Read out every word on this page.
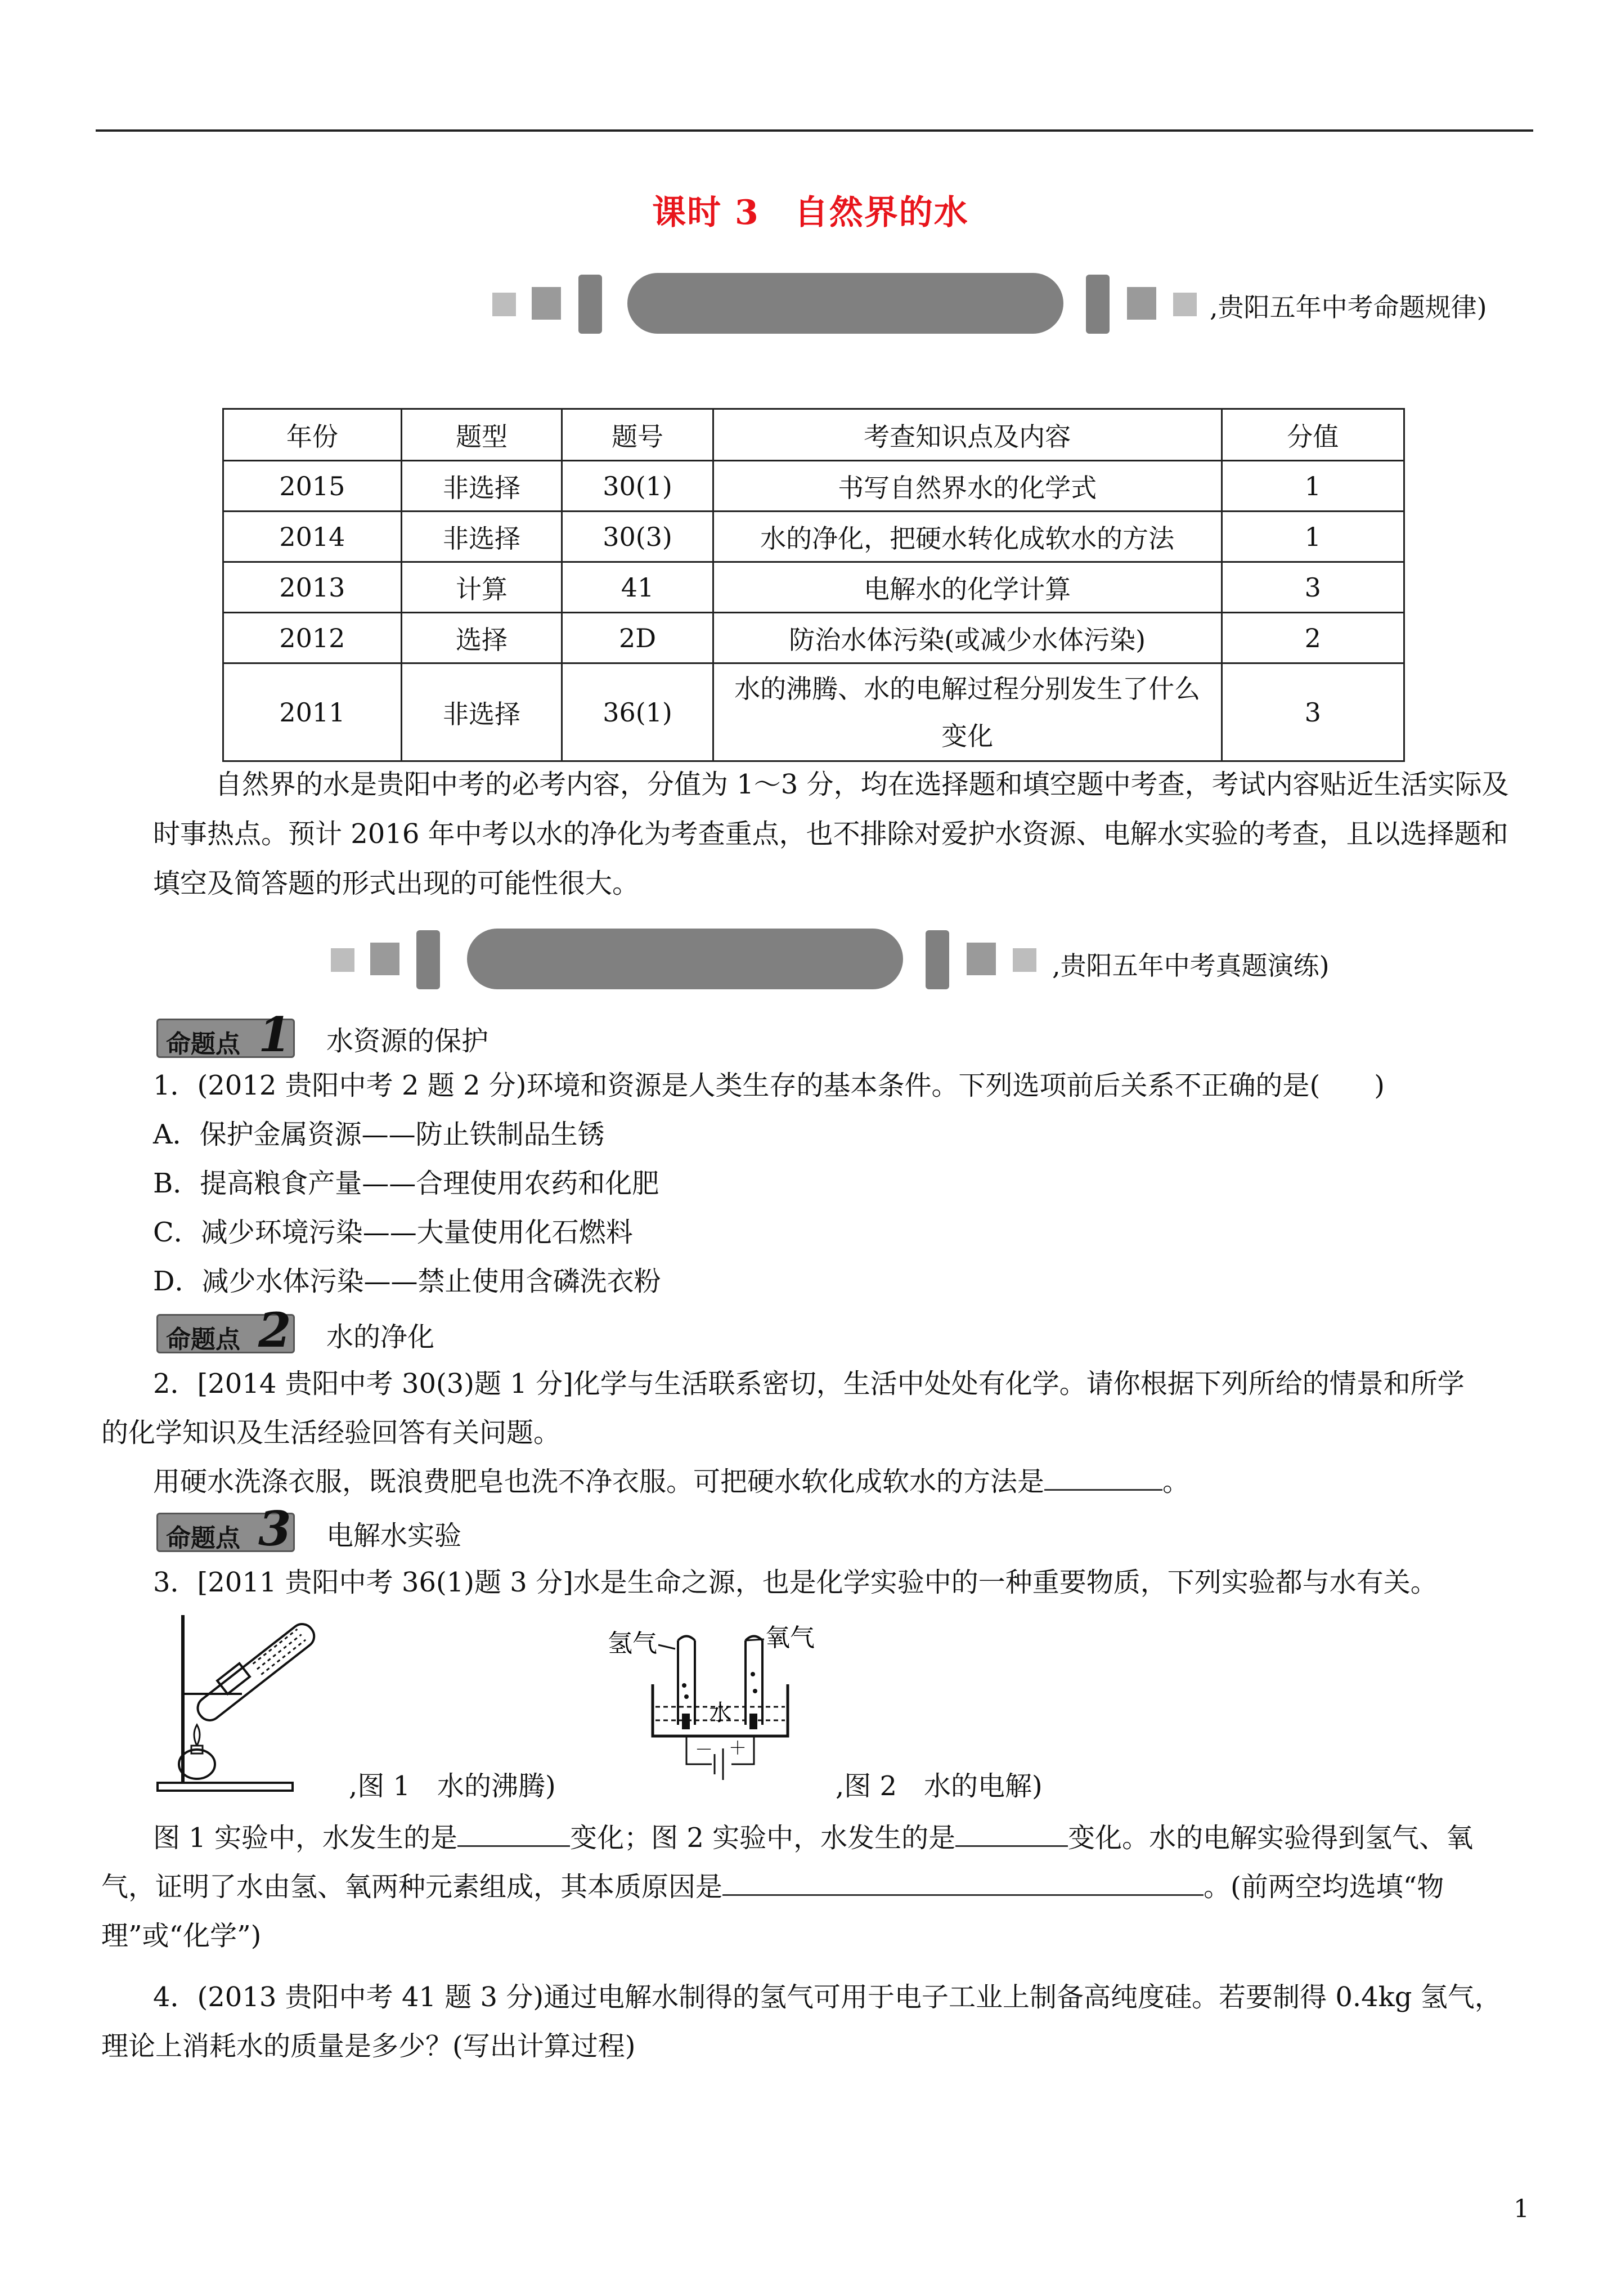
课时 3　自然界的水
,贵阳五年中考命题规律)
年份	题型	题号	考查知识点及内容	分值
2015	非选择	30(1)	书写自然界水的化学式	1
2014	非选择	30(3)	水的净化，把硬水转化成软水的方法	1
2013	计算	41	电解水的化学计算	3
2012	选择	2D	防治水体污染(或减少水体污染)	2
2011	非选择	36(1)	水的沸腾、水的电解过程分别发生了什么变化	3
自然界的水是贵阳中考的必考内容，分值为 1～3 分，均在选择题和填空题中考查，考试内容贴近生活实际及时事热点。预计 2016 年中考以水的净化为考查重点，也不排除对爱护水资源、电解水实验的考查，且以选择题和填空及简答题的形式出现的可能性很大。
,贵阳五年中考真题演练)
命题点 1 水资源的保护
1．(2012 贵阳中考 2 题 2 分)环境和资源是人类生存的基本条件。下列选项前后关系不正确的是(　　)
A．保护金属资源——防止铁制品生锈
B．提高粮食产量——合理使用农药和化肥
C．减少环境污染——大量使用化石燃料
D．减少水体污染——禁止使用含磷洗衣粉
命题点 2 水的净化
2．[2014 贵阳中考 30(3)题 1 分]化学与生活联系密切，生活中处处有化学。请你根据下列所给的情景和所学
的化学知识及生活经验回答有关问题。
用硬水洗涤衣服，既浪费肥皂也洗不净衣服。可把硬水软化成软水的方法是	。
命题点 3 电解水实验
3．[2011 贵阳中考 36(1)题 3 分]水是生命之源，也是化学实验中的一种重要物质，下列实验都与水有关。
,图 1　水的沸腾)
氢气	氧气
水
－ ＋
,图 2　水的电解)
图 1 实验中，水发生的是	变化；图 2 实验中，水发生的是	变化。水的电解实验得到氢气、氧
气，证明了水由氢、氧两种元素组成，其本质原因是	。(前两空均选填“物
理”或“化学”)
4．(2013 贵阳中考 41 题 3 分)通过电解水制得的氢气可用于电子工业上制备高纯度硅。若要制得 0.4kg 氢气，
理论上消耗水的质量是多少？(写出计算过程)
1
